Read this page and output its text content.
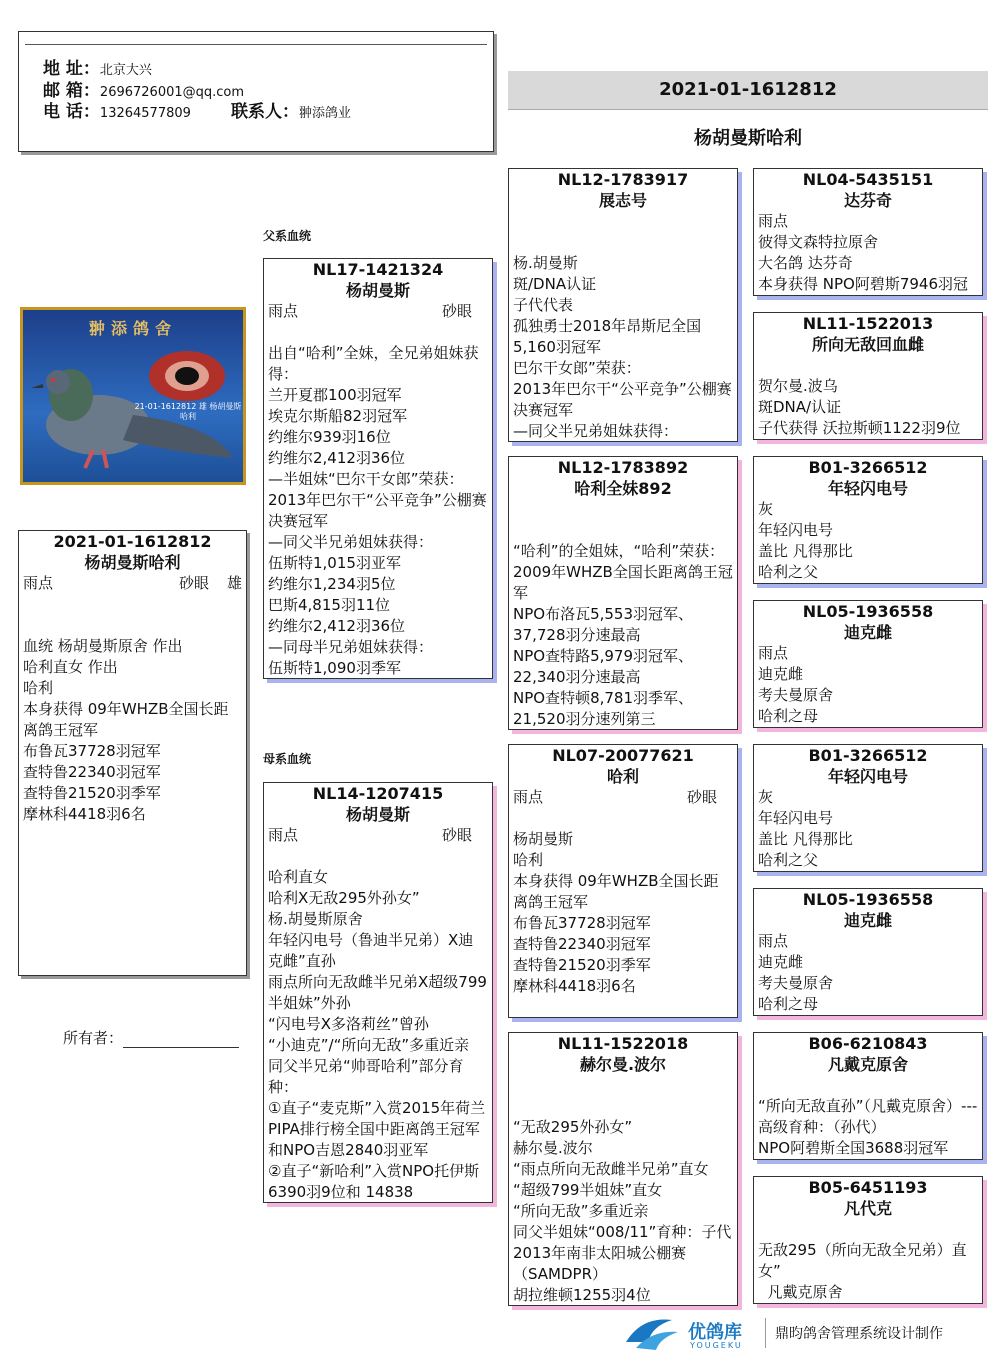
地 址：北京大兴
邮 箱：2696726001@qq.com
电 话：13264577809 联系人：翀添鸽业
2021-01-1612812
杨胡曼斯哈利
父系血统
母系血统
翀添鸽舍
21-01-1612812 雄 杨胡曼斯哈利
2021-01-1612812
杨胡曼斯哈利
雨点	砂眼	雄
血统 杨胡曼斯原舍 作出
哈利直女 作出
哈利
本身获得 09年WHZB全国长距离鸽王冠军
布鲁瓦37728羽冠军
查特鲁22340羽冠军
查特鲁21520羽季军
摩林科4418羽6名
所有者：
NL17-1421324
杨胡曼斯
雨点	砂眼
出自“哈利”全妹，全兄弟姐妹获得：
兰开夏郡100羽冠军
埃克尔斯船82羽冠军
约维尔939羽16位
约维尔2,412羽36位
—半姐妹“巴尔干女郎”荣获：
2013年巴尔干“公平竞争”公棚赛决赛冠军
—同父半兄弟姐妹获得：
伍斯特1,015羽亚军
约维尔1,234羽5位
巴斯4,815羽11位
约维尔2,412羽36位
—同母半兄弟姐妹获得：
伍斯特1,090羽季军
NL14-1207415
杨胡曼斯
雨点	砂眼
哈利直女
哈利X无敌295外孙女”
杨.胡曼斯原舍
年轻闪电号（鲁迪半兄弟）X迪克雌”直孙
雨点所向无敌雌半兄弟X超级799半姐妹”外孙
“闪电号X多洛莉丝”曾孙
“小迪克”/“所向无敌”多重近亲
同父半兄弟“帅哥哈利”部分育种：
①直子“麦克斯”入赏2015年荷兰PIPA排行榜全国中距离鸽王冠军和NPO吉恩2840羽亚军
②直子“新哈利”入赏NPO托伊斯6390羽9位和 14838
NL12-1783917
展志号
杨.胡曼斯
斑/DNA认证
子代代表
孤独勇士2018年昂斯尼全国5,160羽冠军
巴尔干女郎”荣获：
2013年巴尔干“公平竞争”公棚赛决赛冠军
—同父半兄弟姐妹获得：
NL12-1783892
哈利全妹892
“哈利”的全姐妹，“哈利”荣获：
2009年WHZB全国长距离鸽王冠军
NPO布洛瓦5,553羽冠军、37,728羽分速最高
NPO查特路5,979羽冠军、22,340羽分速最高
NPO查特顿8,781羽季军、21,520羽分速列第三
NL07-20077621
哈利
雨点	砂眼
杨胡曼斯
哈利
本身获得 09年WHZB全国长距离鸽王冠军
布鲁瓦37728羽冠军
查特鲁22340羽冠军
查特鲁21520羽季军
摩林科4418羽6名
NL11-1522018
赫尔曼.波尔
“无敌295外孙女”
赫尔曼.波尔
“雨点所向无敌雌半兄弟”直女
“超级799半姐妹”直女
“所向无敌”多重近亲
同父半姐妹“008/11”育种：子代2013年南非太阳城公棚赛（SAMDPR）
胡拉维顿1255羽4位
NL04-5435151
达芬奇
雨点
彼得文森特拉原舍
大名鸽 达芬奇
本身获得 NPO阿碧斯7946羽冠
NL11-1522013
所向无敌回血雌
贺尔曼.波乌
斑DNA/认证
子代获得 沃拉斯顿1122羽9位
B01-3266512
年轻闪电号
灰
年轻闪电号
盖比 凡得那比
哈利之父
NL05-1936558
迪克雌
雨点
迪克雌
考夫曼原舍
哈利之母
B01-3266512
年轻闪电号
灰
年轻闪电号
盖比 凡得那比
哈利之父
NL05-1936558
迪克雌
雨点
迪克雌
考夫曼原舍
哈利之母
B06-6210843
凡戴克原舍
“所向无敌直孙”（凡戴克原舍）---高级育种：（孙代）
NPO阿碧斯全国3688羽冠军
B05-6451193
凡代克
无敌295（所向无敌全兄弟）直女”
凡戴克原舍
优鸽库
YOUGEKU
鼎昀鸽舍管理系统设计制作
